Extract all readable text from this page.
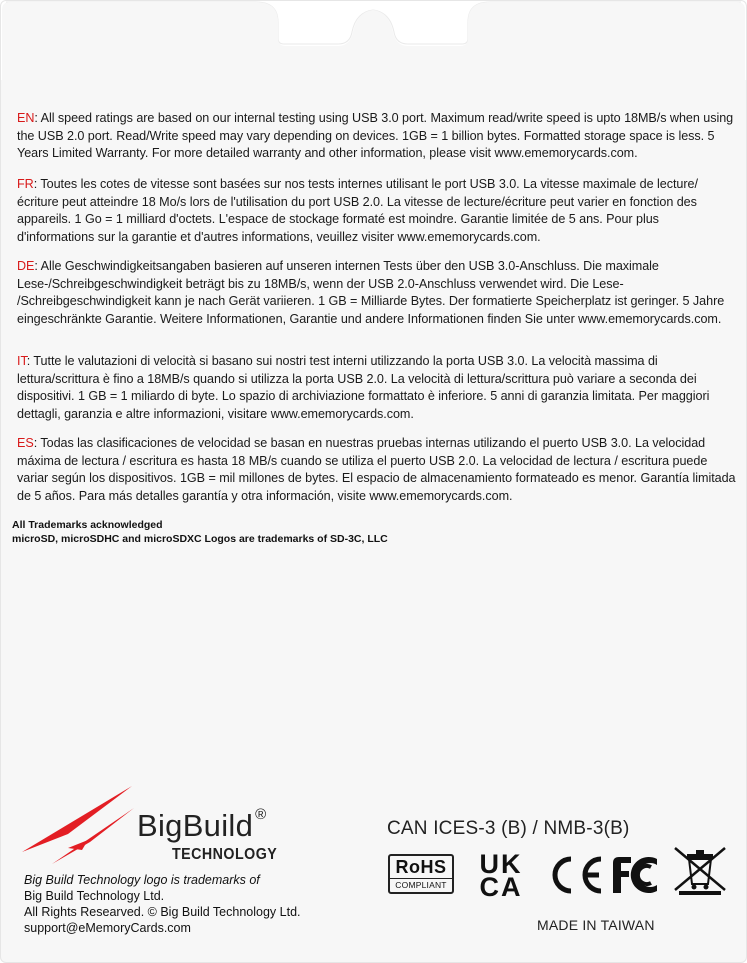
EN: All speed ratings are based on our internal testing using USB 3.0 port. Maximum read/write speed is upto 18MB/s when using the USB 2.0 port. Read/Write speed may vary depending on devices. 1GB = 1 billion bytes. Formatted storage space is less. 5 Years Limited Warranty. For more detailed warranty and other information, please visit www.ememorycards.com.
FR: Toutes les cotes de vitesse sont basées sur nos tests internes utilisant le port USB 3.0. La vitesse maximale de lecture/écriture peut atteindre 18 Mo/s lors de l'utilisation du port USB 2.0. La vitesse de lecture/écriture peut varier en fonction des appareils. 1 Go = 1 milliard d'octets. L'espace de stockage formaté est moindre. Garantie limitée de 5 ans. Pour plus d'informations sur la garantie et d'autres informations, veuillez visiter www.ememorycards.com.
DE: Alle Geschwindigkeitsangaben basieren auf unseren internen Tests über den USB 3.0-Anschluss. Die maximale Lese-/Schreibgeschwindigkeit beträgt bis zu 18MB/s, wenn der USB 2.0-Anschluss verwendet wird. Die Lese- /Schreibgeschwindigkeit kann je nach Gerät variieren. 1 GB = Milliarde Bytes. Der formatierte Speicherplatz ist geringer. 5 Jahre eingeschränkte Garantie. Weitere Informationen, Garantie und andere Informationen finden Sie unter www.ememorycards.com.
IT: Tutte le valutazioni di velocità si basano sui nostri test interni utilizzando la porta USB 3.0. La velocità massima di lettura/scrittura è fino a 18MB/s quando si utilizza la porta USB 2.0. La velocità di lettura/scrittura può variare a seconda dei dispositivi. 1 GB = 1 miliardo di byte. Lo spazio di archiviazione formattato è inferiore. 5 anni di garanzia limitata. Per maggiori dettagli, garanzia e altre informazioni, visitare www.ememorycards.com.
ES: Todas las clasificaciones de velocidad se basan en nuestras pruebas internas utilizando el puerto USB 3.0. La velocidad máxima de lectura / escritura es hasta 18 MB/s cuando se utiliza el puerto USB 2.0. La velocidad de lectura / escritura puede variar según los dispositivos. 1GB = mil millones de bytes. El espacio de almacenamiento formateado es menor. Garantía limitada de 5 años. Para más detalles garantía y otra información, visite www.ememorycards.com.
All Trademarks acknowledged
microSD, microSDHC and microSDXC Logos are trademarks of SD-3C, LLC
BigBuild ®
TECHNOLOGY
Big Build Technology logo is trademarks of
Big Build Technology Ltd.
All Rights Researved. © Big Build Technology Ltd.
support@eMemoryCards.com
CAN ICES-3 (B) / NMB-3(B)
RoHS
COMPLIANT
UK
CA
MADE IN TAIWAN
